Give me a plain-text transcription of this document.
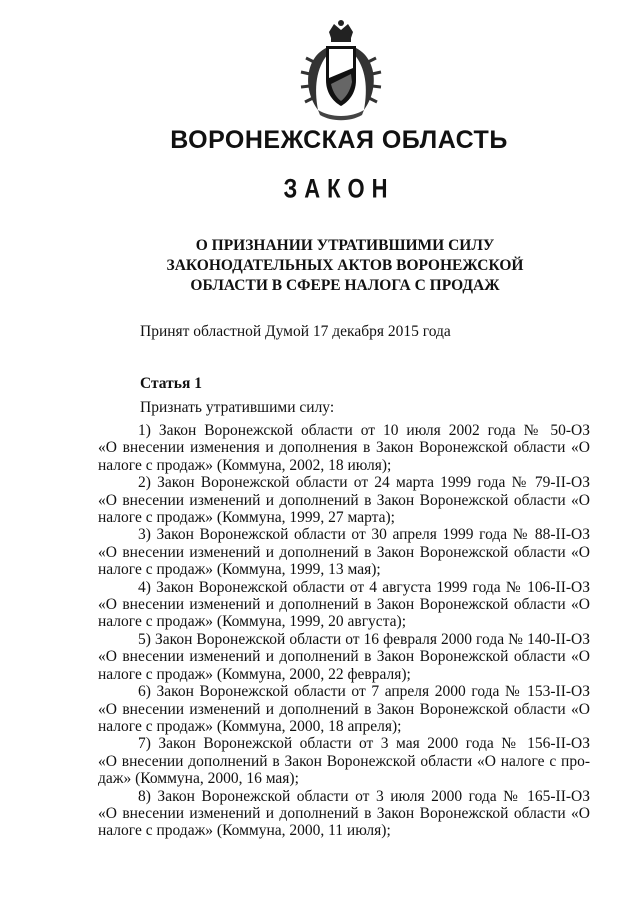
ВОРОНЕЖСКАЯ ОБЛАСТЬ
ЗАКОН
О ПРИЗНАНИИ УТРАТИВШИМИ СИЛУ
ЗАКОНОДАТЕЛЬНЫХ АКТОВ ВОРОНЕЖСКОЙ
ОБЛАСТИ В СФЕРЕ НАЛОГА С ПРОДАЖ
Принят областной Думой 17 декабря 2015 года
Статья 1
Признать утратившими силу:
1) Закон Воронежской области от 10 июля 2002 года № 50-ОЗ
«О внесении изменения и дополнения в Закон Воронежской области «О налоге с продаж» (Коммуна, 2002, 18 июля);
2) Закон Воронежской области от 24 марта 1999 года № 79-II-ОЗ
«О внесении изменений и дополнений в Закон Воронежской области «О налоге с продаж» (Коммуна, 1999, 27 марта);
3) Закон Воронежской области от 30 апреля 1999 года № 88-II-ОЗ
«О внесении изменений и дополнений в Закон Воронежской области «О налоге с продаж» (Коммуна, 1999, 13 мая);
4) Закон Воронежской области от 4 августа 1999 года № 106-II-ОЗ
«О внесении изменений и дополнений в Закон Воронежской области «О налоге с продаж» (Коммуна, 1999, 20 августа);
5) Закон Воронежской области от 16 февраля 2000 года № 140-II-ОЗ
«О внесении изменений и дополнений в Закон Воронежской области «О налоге с продаж» (Коммуна, 2000, 22 февраля);
6) Закон Воронежской области от 7 апреля 2000 года № 153-II-ОЗ
«О внесении изменений и дополнений в Закон Воронежской области «О налоге с продаж» (Коммуна, 2000, 18 апреля);
7) Закон Воронежской области от 3 мая 2000 года № 156-II-ОЗ
«О внесении дополнений в Закон Воронежской области «О налоге с про-даж» (Коммуна, 2000, 16 мая);
8) Закон Воронежской области от 3 июля 2000 года № 165-II-ОЗ
«О внесении изменений и дополнений в Закон Воронежской области «О налоге с продаж» (Коммуна, 2000, 11 июля);
